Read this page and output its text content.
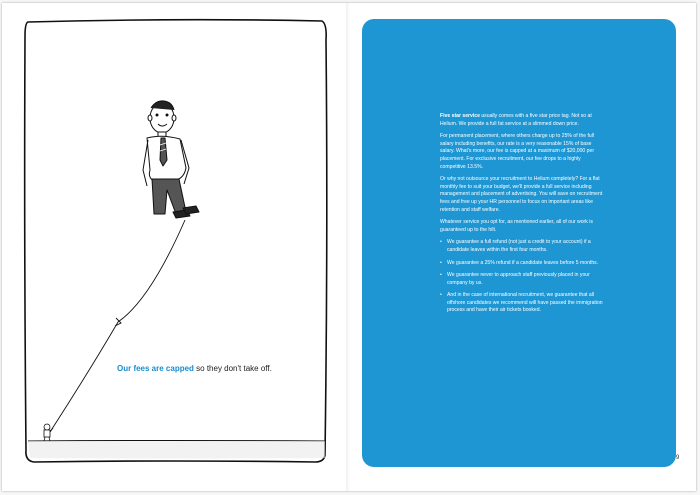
Our fees are capped so they don't take off.

Five star service usually comes with a five star price tag. Not so at Helium. We provide a full fat service at a slimmed down price.

For permanent placement, where others charge up to 25% of the full salary including benefits, our rate is a very reasonable 15% of base salary. What's more, our fee is capped at a maximum of $20,000 per placement. For exclusive recruitment, our fee drops to a highly competitive 13.5%.

Or why not outsource your recruitment to Helium completely? For a flat monthly fee to suit your budget, we'll provide a full service including management and placement of advertising. You will save on recruitment fees and free up your HR personnel to focus on important areas like retention and staff welfare.

Whatever service you opt for, as mentioned earlier, all of our work is guaranteed up to the hilt.

• We guarantee a full refund (not just a credit to your account) if a candidate leaves within the first four months.
• We guarantee a 25% refund if a candidate leaves before 5 months.
• We guarantee never to approach staff previously placed in your company by us.
• And in the case of international recruitment, we guarantee that all offshore candidates we recommend will have passed the immigration process and have their air tickets booked.
9
